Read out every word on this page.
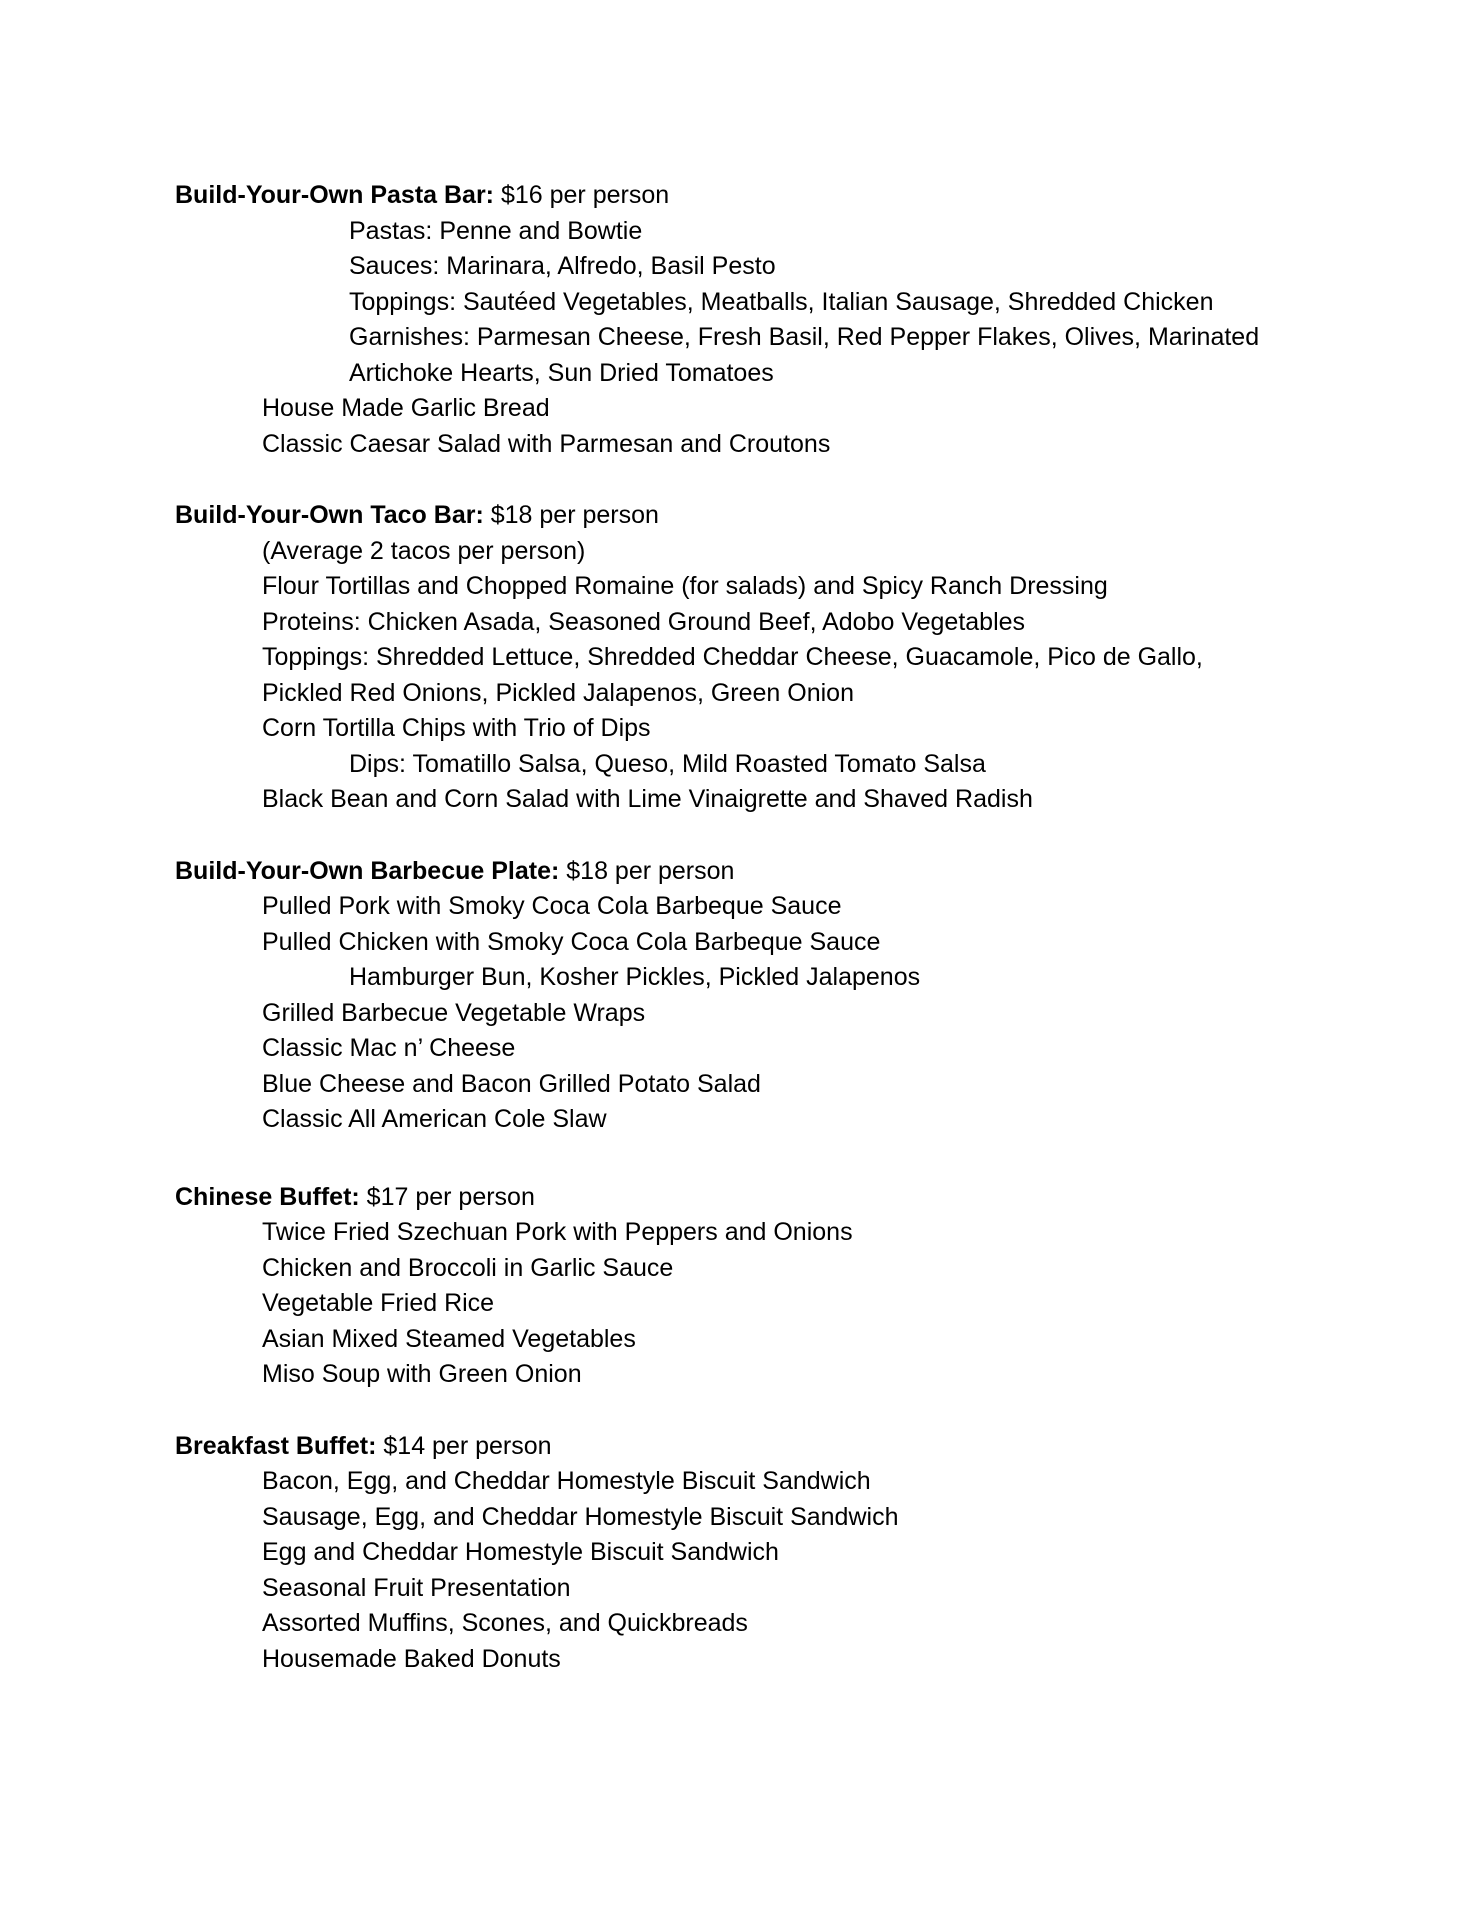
Build-Your-Own Pasta Bar: $16 per person
Pastas: Penne and Bowtie
Sauces: Marinara, Alfredo, Basil Pesto
Toppings: Sautéed Vegetables, Meatballs, Italian Sausage, Shredded Chicken
Garnishes: Parmesan Cheese, Fresh Basil, Red Pepper Flakes, Olives, Marinated
Artichoke Hearts, Sun Dried Tomatoes
House Made Garlic Bread
Classic Caesar Salad with Parmesan and Croutons
Build-Your-Own Taco Bar: $18 per person
(Average 2 tacos per person)
Flour Tortillas and Chopped Romaine (for salads) and Spicy Ranch Dressing
Proteins: Chicken Asada, Seasoned Ground Beef, Adobo Vegetables
Toppings: Shredded Lettuce, Shredded Cheddar Cheese, Guacamole, Pico de Gallo,
Pickled Red Onions, Pickled Jalapenos, Green Onion
Corn Tortilla Chips with Trio of Dips
Dips: Tomatillo Salsa, Queso, Mild Roasted Tomato Salsa
Black Bean and Corn Salad with Lime Vinaigrette and Shaved Radish
Build-Your-Own Barbecue Plate: $18 per person
Pulled Pork with Smoky Coca Cola Barbeque Sauce
Pulled Chicken with Smoky Coca Cola Barbeque Sauce
Hamburger Bun, Kosher Pickles, Pickled Jalapenos
Grilled Barbecue Vegetable Wraps
Classic Mac n’ Cheese
Blue Cheese and Bacon Grilled Potato Salad
Classic All American Cole Slaw
Chinese Buffet: $17 per person
Twice Fried Szechuan Pork with Peppers and Onions
Chicken and Broccoli in Garlic Sauce
Vegetable Fried Rice
Asian Mixed Steamed Vegetables
Miso Soup with Green Onion
Breakfast Buffet: $14 per person
Bacon, Egg, and Cheddar Homestyle Biscuit Sandwich
Sausage, Egg, and Cheddar Homestyle Biscuit Sandwich
Egg and Cheddar Homestyle Biscuit Sandwich
Seasonal Fruit Presentation
Assorted Muffins, Scones, and Quickbreads
Housemade Baked Donuts
